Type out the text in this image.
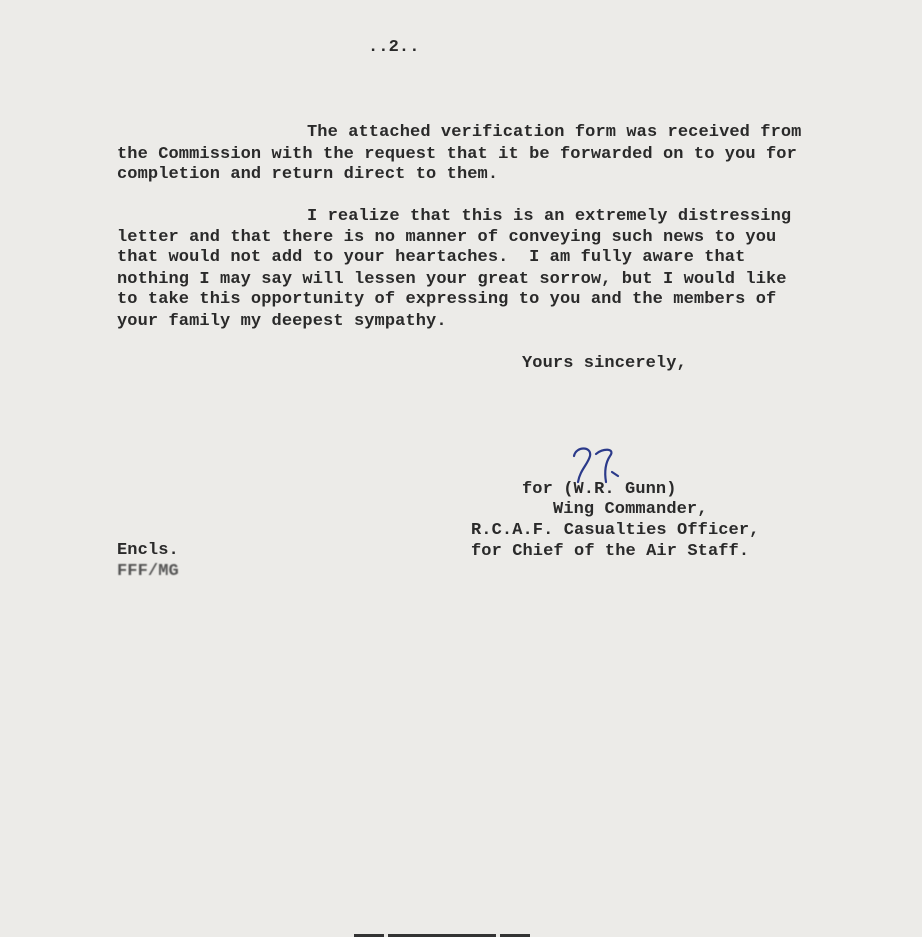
..2..
The attached verification form was received from
the Commission with the request that it be forwarded on to you for
completion and return direct to them.
I realize that this is an extremely distressing
letter and that there is no manner of conveying such news to you
that would not add to your heartaches.  I am fully aware that
nothing I may say will lessen your great sorrow, but I would like
to take this opportunity of expressing to you and the members of
your family my deepest sympathy.
Yours sincerely,
for (W.R. Gunn)
Wing Commander,
R.C.A.F. Casualties Officer,
for Chief of the Air Staff.
Encls.
FFF/MG
